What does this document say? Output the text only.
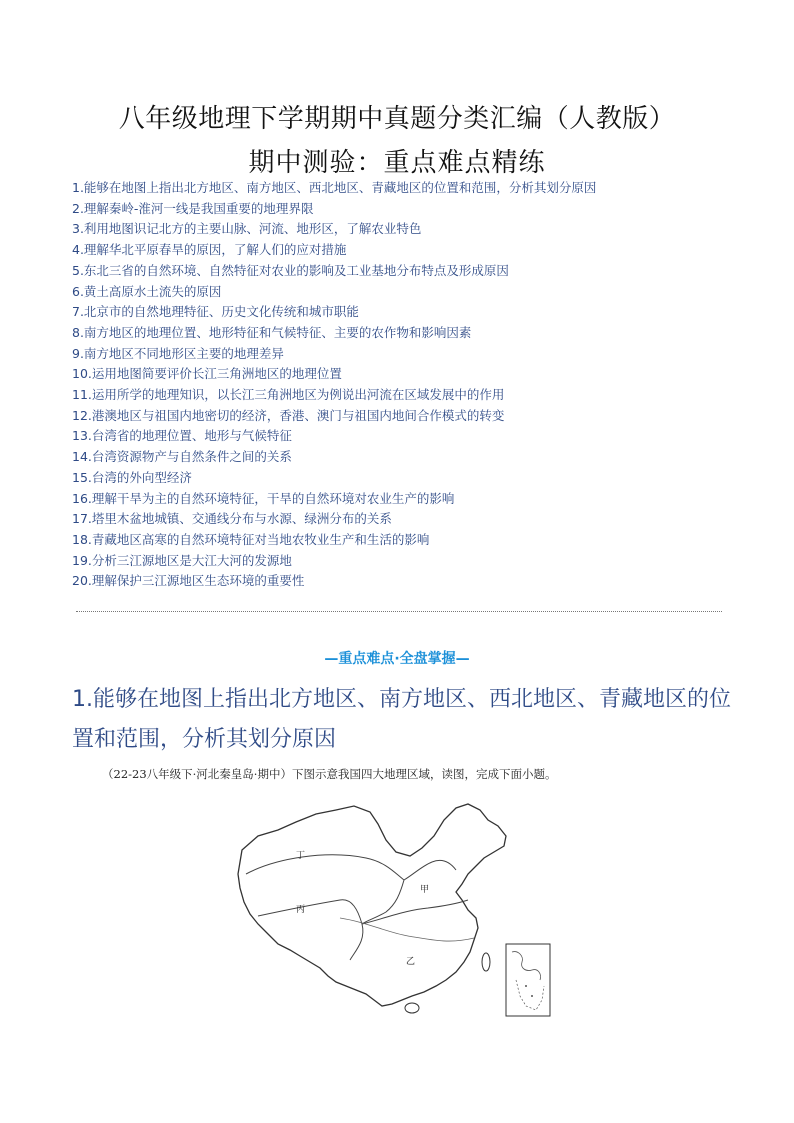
八年级地理下学期期中真题分类汇编（人教版）
期中测验：重点难点精练
1.能够在地图上指出北方地区、南方地区、西北地区、青藏地区的位置和范围，分析其划分原因
2.理解秦岭-淮河一线是我国重要的地理界限
3.利用地图识记北方的主要山脉、河流、地形区，了解农业特色
4.理解华北平原春旱的原因，了解人们的应对措施
5.东北三省的自然环境、自然特征对农业的影响及工业基地分布特点及形成原因
6.黄土高原水土流失的原因
7.北京市的自然地理特征、历史文化传统和城市职能
8.南方地区的地理位置、地形特征和气候特征、主要的农作物和影响因素
9.南方地区不同地形区主要的地理差异
10.运用地图简要评价长江三角洲地区的地理位置
11.运用所学的地理知识，以长江三角洲地区为例说出河流在区域发展中的作用
12.港澳地区与祖国内地密切的经济，香港、澳门与祖国内地间合作模式的转变
13.台湾省的地理位置、地形与气候特征
14.台湾资源物产与自然条件之间的关系
15.台湾的外向型经济
16.理解干旱为主的自然环境特征，干旱的自然环境对农业生产的影响
17.塔里木盆地城镇、交通线分布与水源、绿洲分布的关系
18.青藏地区高寒的自然环境特征对当地农牧业生产和生活的影响
19.分析三江源地区是大江大河的发源地
20.理解保护三江源地区生态环境的重要性
—重点难点·全盘掌握—
1.能够在地图上指出北方地区、南方地区、西北地区、青藏地区的位置和范围，分析其划分原因
（22-23八年级下·河北秦皇岛·期中）下图示意我国四大地理区域，读图，完成下面小题。
丁
甲
丙
乙
